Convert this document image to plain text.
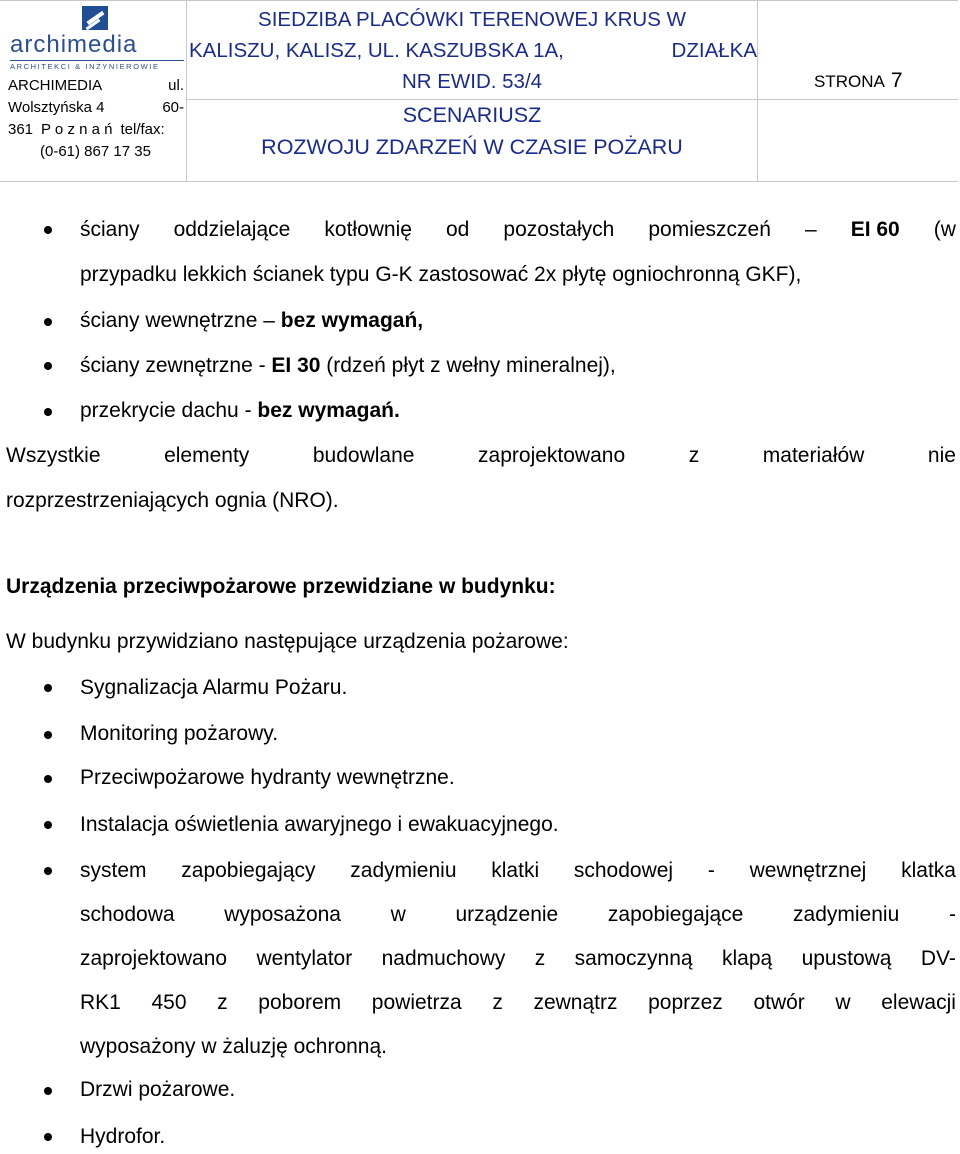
archimedia
ARCHITEKCI & INŻYNIEROWIE
ARCHIMEDIA	ul.
Wolsztyńska 4	60-
361 P o z n a ń tel/fax:
(0-61) 867 17 35
SIEDZIBA PLACÓWKI TERENOWEJ KRUS W
KALISZU, KALISZ, UL. KASZUBSKA 1A,	DZIAŁKA
NR EWID. 53/4
SCENARIUSZ
ROZWOJU ZDARZEŃ W CZASIE POŻARU
STRONA 7
ściany oddzielające kotłownię od pozostałych pomieszczeń – EI 60 (w
przypadku lekkich ścianek typu G-K zastosować 2x płytę ogniochronną GKF),
ściany wewnętrzne – bez wymagań,
ściany zewnętrzne - EI 30 (rdzeń płyt z wełny mineralnej),
przekrycie dachu - bez wymagań.
Wszystkie	elementy	budowlane	zaprojektowano	z	materiałów	nie
rozprzestrzeniających ognia (NRO).
Urządzenia przeciwpożarowe przewidziane w budynku:
W budynku przywidziano następujące urządzenia pożarowe:
Sygnalizacja Alarmu Pożaru.
Monitoring pożarowy.
Przeciwpożarowe hydranty wewnętrzne.
Instalacja oświetlenia awaryjnego i ewakuacyjnego.
system zapobiegający zadymieniu klatki schodowej - wewnętrznej klatka
schodowa wyposażona w urządzenie zapobiegające zadymieniu -
zaprojektowano wentylator nadmuchowy z samoczynną klapą upustową DV-
RK1 450 z poborem powietrza z zewnątrz poprzez otwór w elewacji
wyposażony w żaluzję ochronną.
Drzwi pożarowe.
Hydrofor.
